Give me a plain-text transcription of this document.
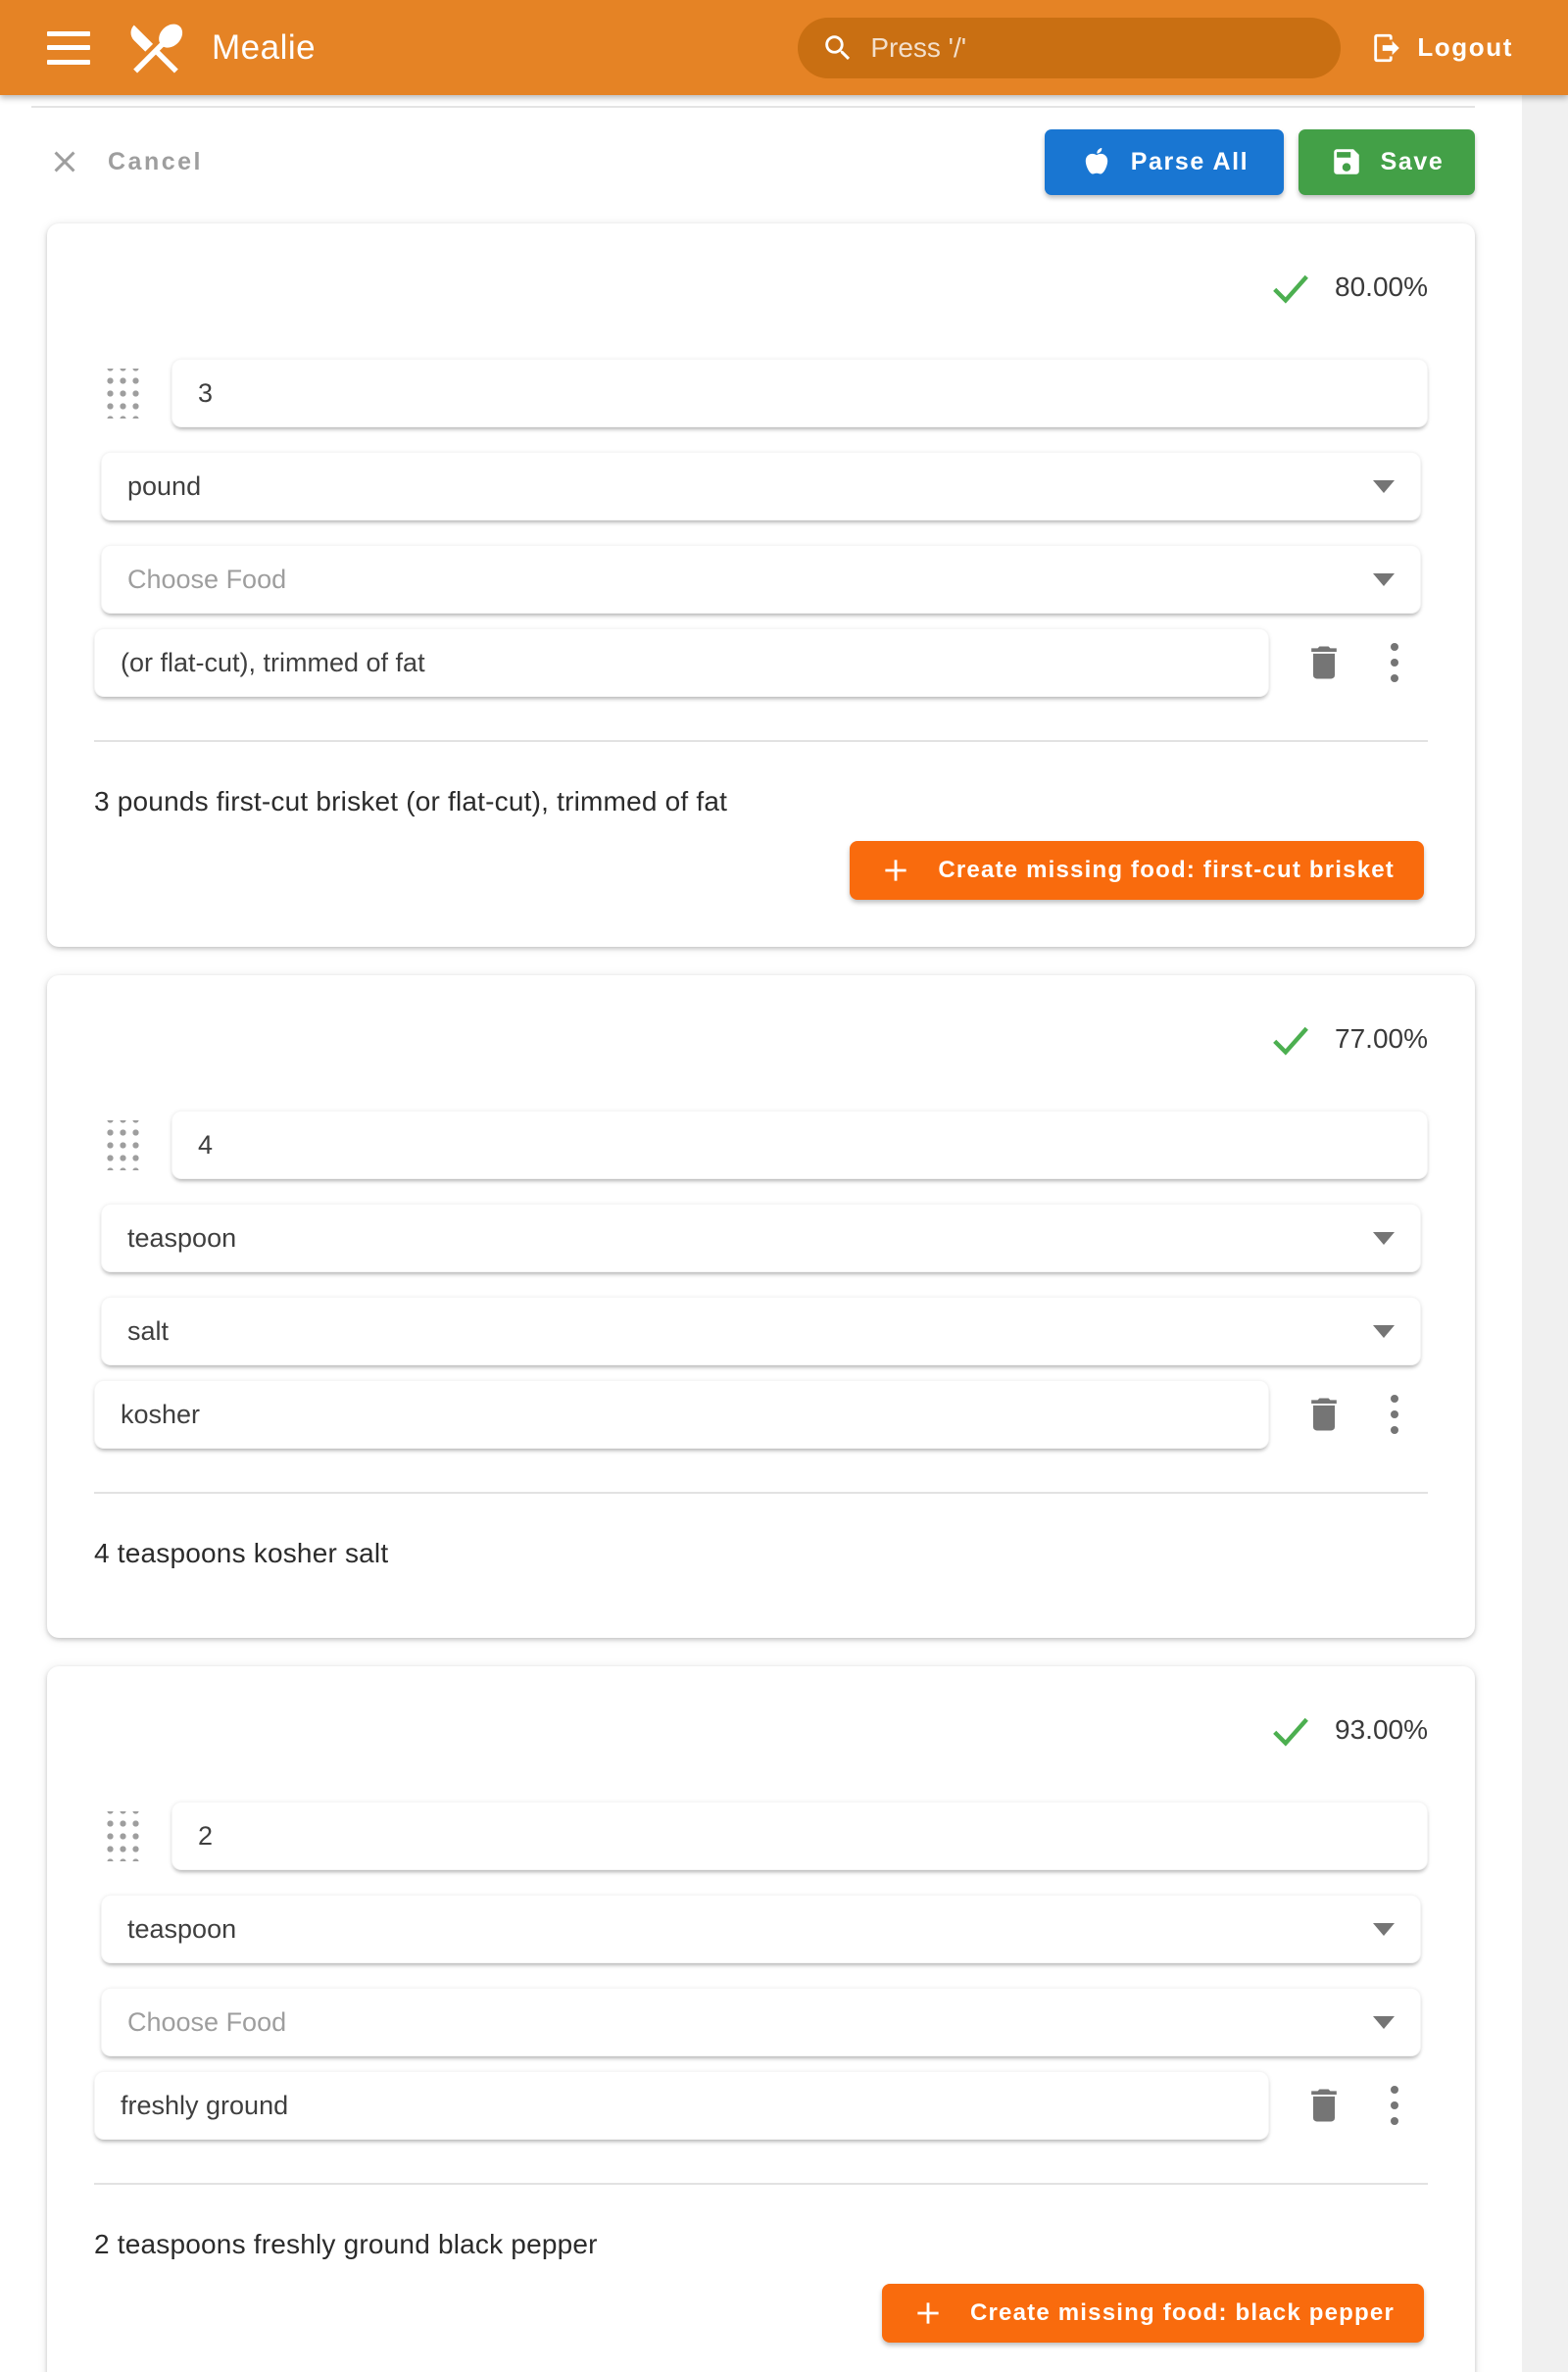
Mealie	Press '/'	Logout
Cancel	Parse All	Save
80.00%
3
pound
Choose Food
(or flat-cut), trimmed of fat

3 pounds first-cut brisket (or flat-cut), trimmed of fat

Create missing food: first-cut brisket
77.00%
4
teaspoon
salt
kosher

4 teaspoons kosher salt

93.00%
2
teaspoon
Choose Food
freshly ground

2 teaspoons freshly ground black pepper

Create missing food: black pepper
